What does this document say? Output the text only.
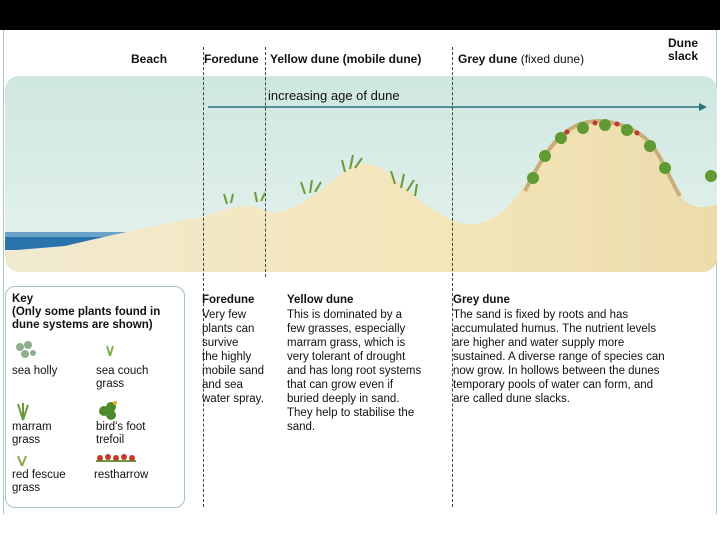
Beach	Foredune Yellow dune (mobile dune)	Grey dune (fixed dune)
Dune
slack
increasing age of dune
Key
(Only some plants found in
dune systems are shown)
sea holly	sea couch
grass
marram
grass
bird's foot
trefoil
red fescue
grass
restharrow
Foredune
Very few
plants can
survive
the highly
mobile sand
and sea
water spray.
Yellow dune
This is dominated by a
few grasses, especially
marram grass, which is
very tolerant of drought
and has long root systems
that can grow even if
buried deeply in sand.
They help to stabilise the
sand.
Grey dune
The sand is fixed by roots and has
accumulated humus. The nutrient levels
are higher and water supply more
sustained. A diverse range of species can
now grow. In hollows between the dunes
temporary pools of water can form, and
are called dune slacks.
